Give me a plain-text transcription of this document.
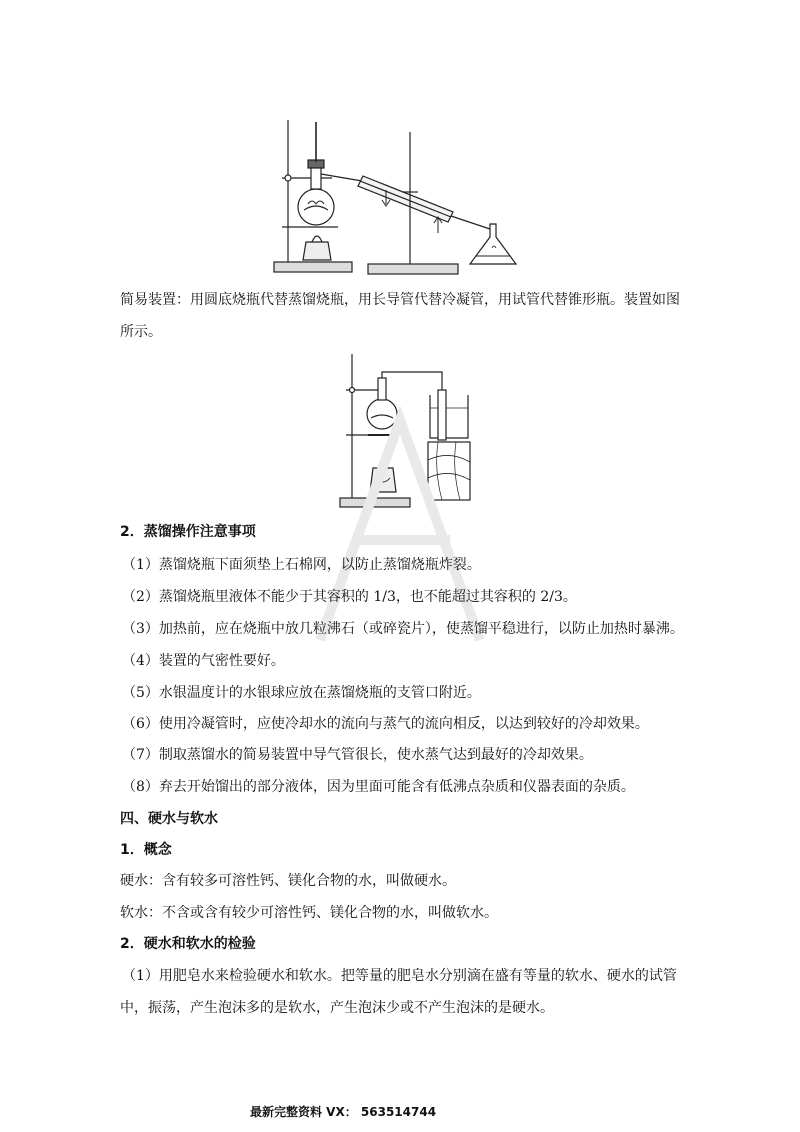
简易装置：用圆底烧瓶代替蒸馏烧瓶，用长导管代替冷凝管，用试管代替锥形瓶。装置如图
所示。
2．蒸馏操作注意事项
（1）蒸馏烧瓶下面须垫上石棉网，以防止蒸馏烧瓶炸裂。
（2）蒸馏烧瓶里液体不能少于其容积的 1/3，也不能超过其容积的 2/3。
（3）加热前，应在烧瓶中放几粒沸石（或碎瓷片），使蒸馏平稳进行，以防止加热时暴沸。
（4）装置的气密性要好。
（5）水银温度计的水银球应放在蒸馏烧瓶的支管口附近。
（6）使用冷凝管时，应使冷却水的流向与蒸气的流向相反，以达到较好的冷却效果。
（7）制取蒸馏水的简易装置中导气管很长，使水蒸气达到最好的冷却效果。
（8）弃去开始馏出的部分液体，因为里面可能含有低沸点杂质和仪器表面的杂质。
四、硬水与软水
1．概念
硬水：含有较多可溶性钙、镁化合物的水，叫做硬水。
软水：不含或含有较少可溶性钙、镁化合物的水，叫做软水。
2．硬水和软水的检验
（1）用肥皂水来检验硬水和软水。把等量的肥皂水分别滴在盛有等量的软水、硬水的试管
中，振荡，产生泡沫多的是软水，产生泡沫少或不产生泡沫的是硬水。
最新完整资料 VX： 563514744
